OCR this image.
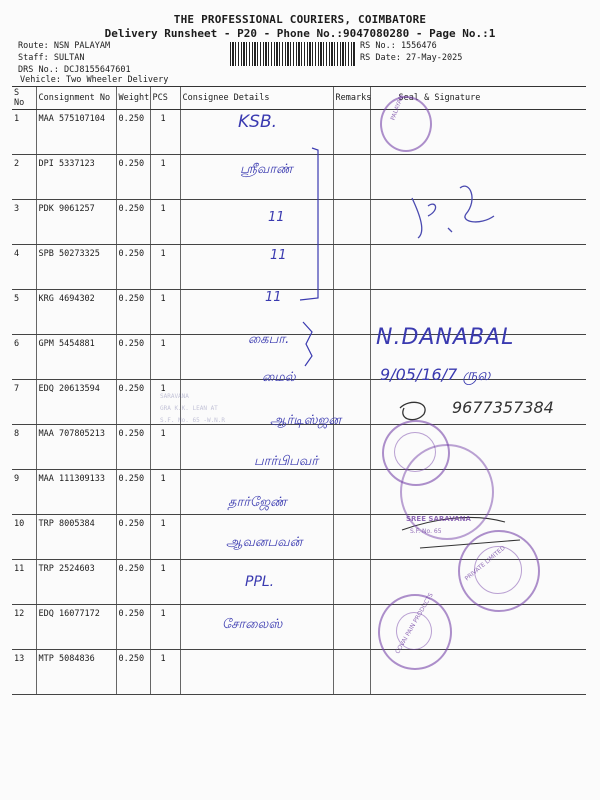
THE PROFESSIONAL COURIERS, COIMBATORE
Delivery Runsheet - P20 - Phone No.:9047080280 - Page No.:1
Route: NSN PALAYAM
Staff: SULTAN
DRS No.: DCJ8155647601
Vehicle: Two Wheeler Delivery
RS No.: 1556476
RS Date: 27-May-2025
S No	Consignment No	Weight	PCS	Consignee Details	Remarks	Seal & Signature
1	MAA 575107104	0.250	1			
2	DPI 5337123	0.250	1			
3	PDK 9061257	0.250	1			
4	SPB 50273325	0.250	1			
5	KRG 4694302	0.250	1			
6	GPM 5454881	0.250	1			
7	EDQ 20613594	0.250	1			
8	MAA 707805213	0.250	1			
9	MAA 111309133	0.250	1			
10	TRP 8005384	0.250	1			
11	TRP 2524603	0.250	1			
12	EDQ 16077172	0.250	1			
13	MTP 5084836	0.250	1			
KSB.
ஸ்ரீவாண்
11
11
11
கைபா.
மைல்
ஆர்டிஸ்ஜன
பார்பிபவர்
தார்ஜேண்
ஆவனபவன்
PPL.
சோலைஸ்
N.DANABAL
9/05/16/7 ருல
9677357384
PALAYAM
SREE SARAVANA
S.F. No. 65
PRIVATE LIMITED
COVAI PAIN PRODUCTS
SARAVANA
GRA K.K. LEAN AT
S.F. No. 65 -W.N.R
